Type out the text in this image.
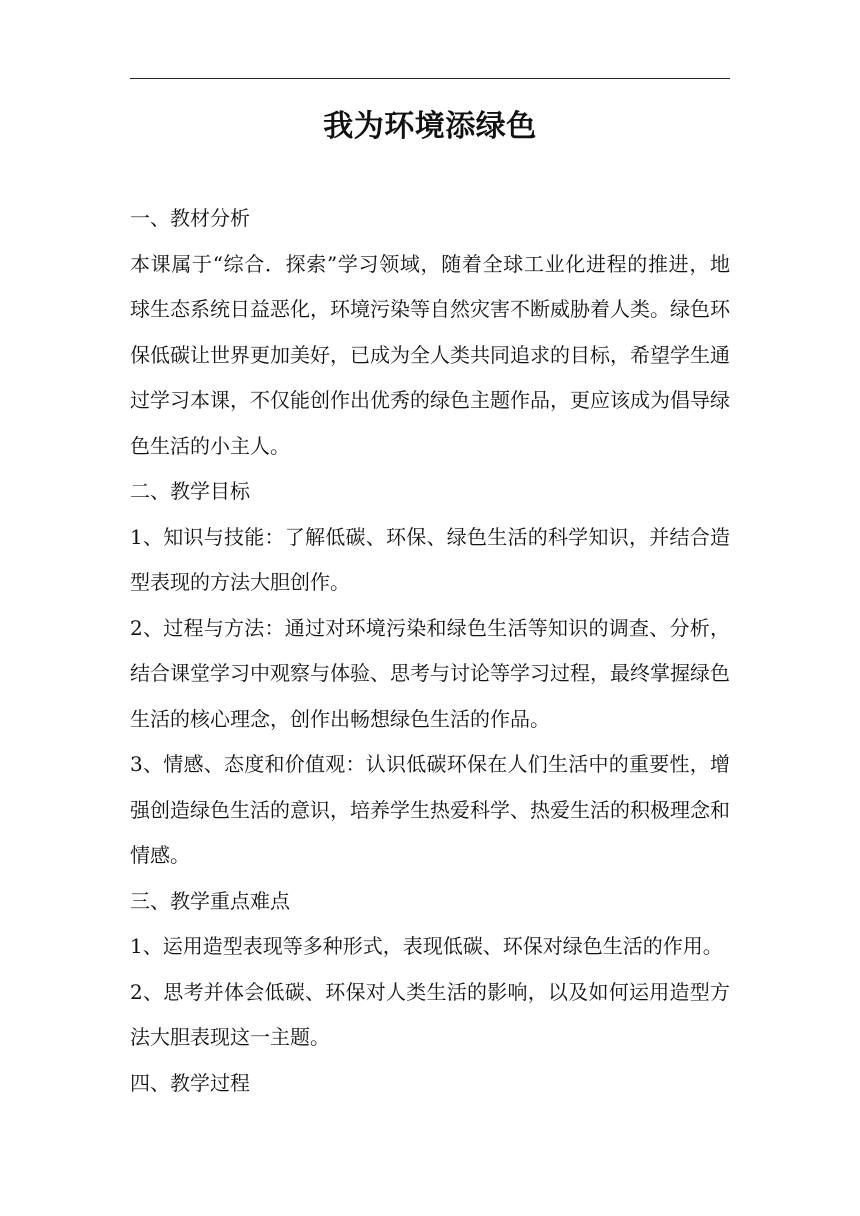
我为环境添绿色

一、教材分析

本课属于“综合．探索”学习领域，随着全球工业化进程的推进，地球生态系统日益恶化，环境污染等自然灾害不断威胁着人类。绿色环保低碳让世界更加美好，已成为全人类共同追求的目标，希望学生通过学习本课，不仅能创作出优秀的绿色主题作品，更应该成为倡导绿色生活的小主人。

二、教学目标

1、知识与技能：了解低碳、环保、绿色生活的科学知识，并结合造型表现的方法大胆创作。

2、过程与方法：通过对环境污染和绿色生活等知识的调查、分析，结合课堂学习中观察与体验、思考与讨论等学习过程，最终掌握绿色生活的核心理念，创作出畅想绿色生活的作品。

3、情感、态度和价值观：认识低碳环保在人们生活中的重要性，增强创造绿色生活的意识，培养学生热爱科学、热爱生活的积极理念和情感。

三、教学重点难点

1、运用造型表现等多种形式，表现低碳、环保对绿色生活的作用。

2、思考并体会低碳、环保对人类生活的影响，以及如何运用造型方法大胆表现这一主题。

四、教学过程
